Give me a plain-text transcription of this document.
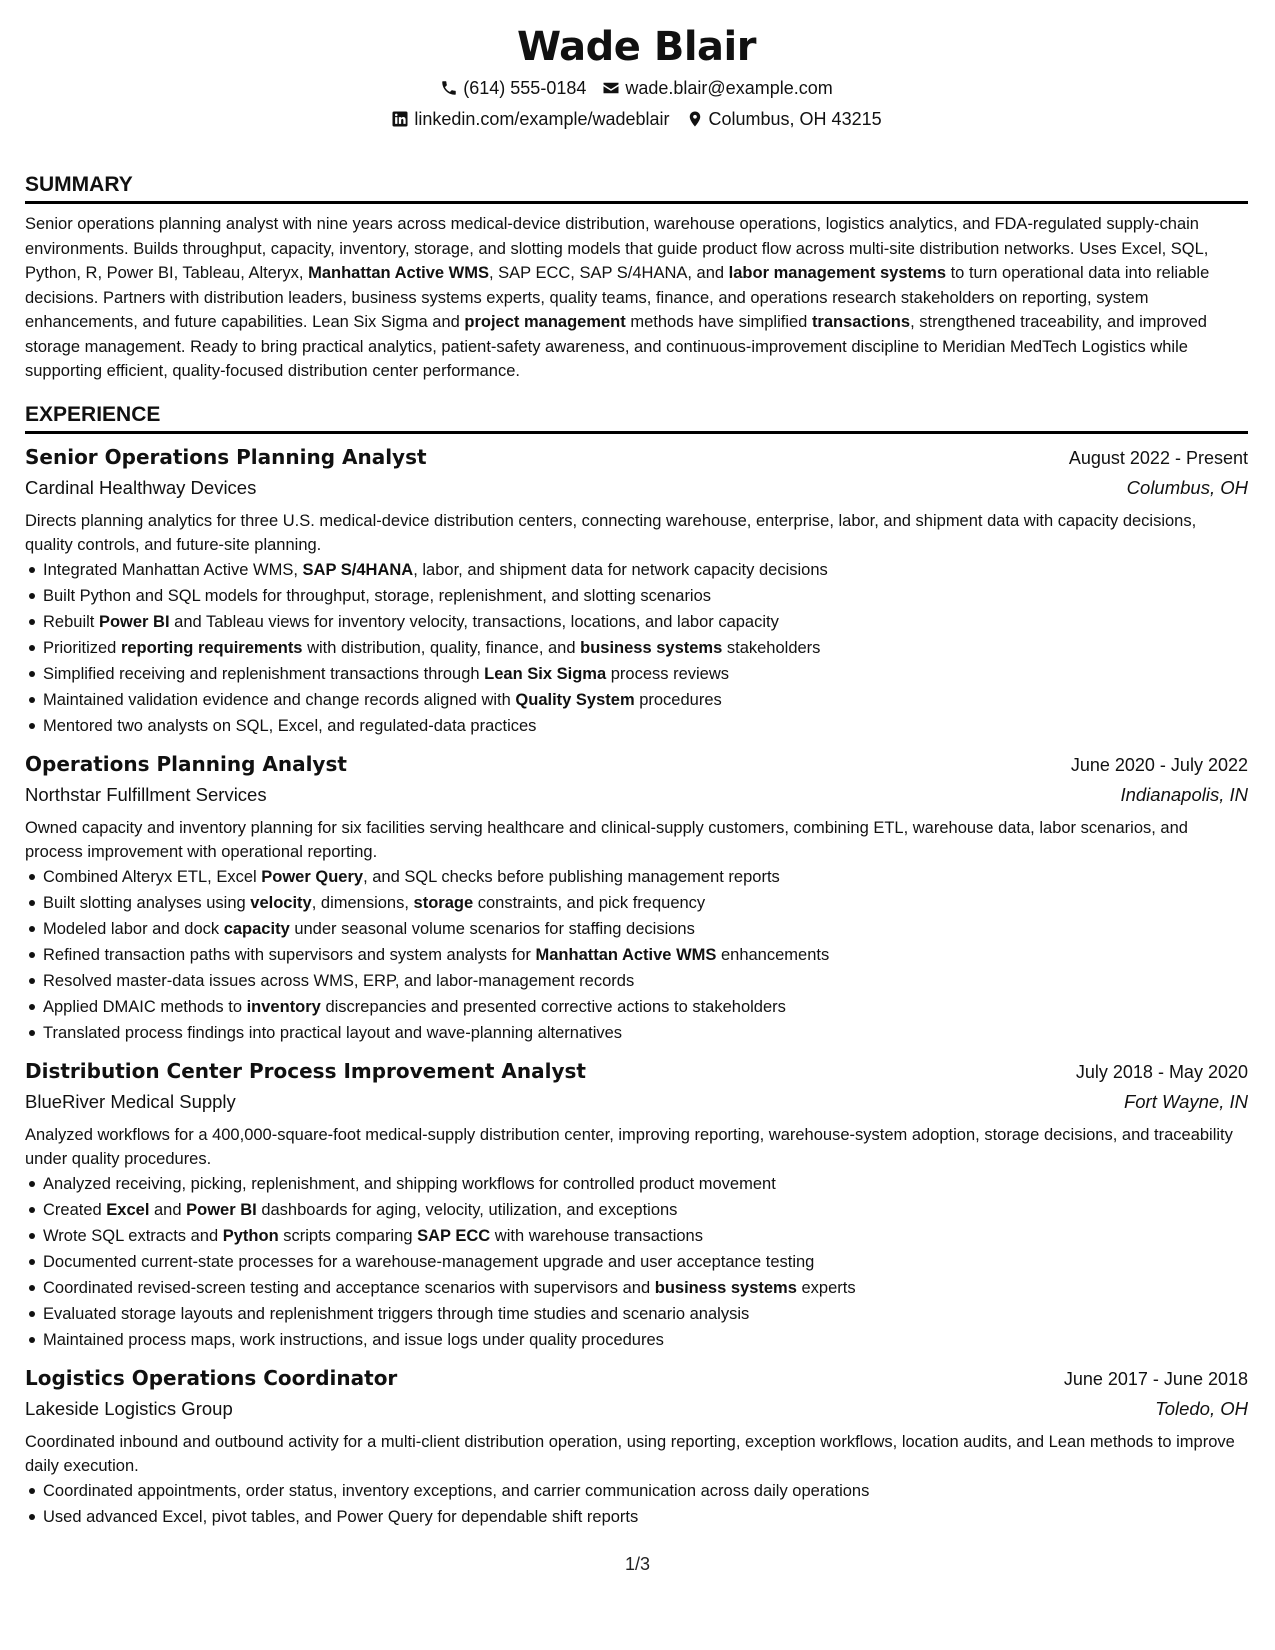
Wade Blair
(614) 555-0184 wade.blair@example.com
linkedin.com/example/wadeblair Columbus, OH 43215
SUMMARY

Senior operations planning analyst with nine years across medical-device distribution, warehouse operations, logistics analytics, and FDA-regulated supply-chain environments. Builds throughput, capacity, inventory, storage, and slotting models that guide product flow across multi-site distribution networks. Uses Excel, SQL, Python, R, Power BI, Tableau, Alteryx, Manhattan Active WMS, SAP ECC, SAP S/4HANA, and labor management systems to turn operational data into reliable decisions. Partners with distribution leaders, business systems experts, quality teams, finance, and operations research stakeholders on reporting, system enhancements, and future capabilities. Lean Six Sigma and project management methods have simplified transactions, strengthened traceability, and improved storage management. Ready to bring practical analytics, patient-safety awareness, and continuous-improvement discipline to Meridian MedTech Logistics while supporting efficient, quality-focused distribution center performance.

EXPERIENCE
Senior Operations Planning Analyst	August 2022 - Present
Cardinal Healthway Devices	Columbus, OH

Directs planning analytics for three U.S. medical-device distribution centers, connecting warehouse, enterprise, labor, and shipment data with capacity decisions, quality controls, and future-site planning.

Integrated Manhattan Active WMS, SAP S/4HANA, labor, and shipment data for network capacity decisions
Built Python and SQL models for throughput, storage, replenishment, and slotting scenarios
Rebuilt Power BI and Tableau views for inventory velocity, transactions, locations, and labor capacity
Prioritized reporting requirements with distribution, quality, finance, and business systems stakeholders
Simplified receiving and replenishment transactions through Lean Six Sigma process reviews
Maintained validation evidence and change records aligned with Quality System procedures
Mentored two analysts on SQL, Excel, and regulated-data practices
Operations Planning Analyst	June 2020 - July 2022
Northstar Fulfillment Services	Indianapolis, IN

Owned capacity and inventory planning for six facilities serving healthcare and clinical-supply customers, combining ETL, warehouse data, labor scenarios, and process improvement with operational reporting.

Combined Alteryx ETL, Excel Power Query, and SQL checks before publishing management reports
Built slotting analyses using velocity, dimensions, storage constraints, and pick frequency
Modeled labor and dock capacity under seasonal volume scenarios for staffing decisions
Refined transaction paths with supervisors and system analysts for Manhattan Active WMS enhancements
Resolved master-data issues across WMS, ERP, and labor-management records
Applied DMAIC methods to inventory discrepancies and presented corrective actions to stakeholders
Translated process findings into practical layout and wave-planning alternatives
Distribution Center Process Improvement Analyst	July 2018 - May 2020
BlueRiver Medical Supply	Fort Wayne, IN

Analyzed workflows for a 400,000-square-foot medical-supply distribution center, improving reporting, warehouse-system adoption, storage decisions, and traceability under quality procedures.

Analyzed receiving, picking, replenishment, and shipping workflows for controlled product movement
Created Excel and Power BI dashboards for aging, velocity, utilization, and exceptions
Wrote SQL extracts and Python scripts comparing SAP ECC with warehouse transactions
Documented current-state processes for a warehouse-management upgrade and user acceptance testing
Coordinated revised-screen testing and acceptance scenarios with supervisors and business systems experts
Evaluated storage layouts and replenishment triggers through time studies and scenario analysis
Maintained process maps, work instructions, and issue logs under quality procedures
Logistics Operations Coordinator	June 2017 - June 2018
Lakeside Logistics Group	Toledo, OH

Coordinated inbound and outbound activity for a multi-client distribution operation, using reporting, exception workflows, location audits, and Lean methods to improve daily execution.

Coordinated appointments, order status, inventory exceptions, and carrier communication across daily operations
Used advanced Excel, pivot tables, and Power Query for dependable shift reports
1/3
